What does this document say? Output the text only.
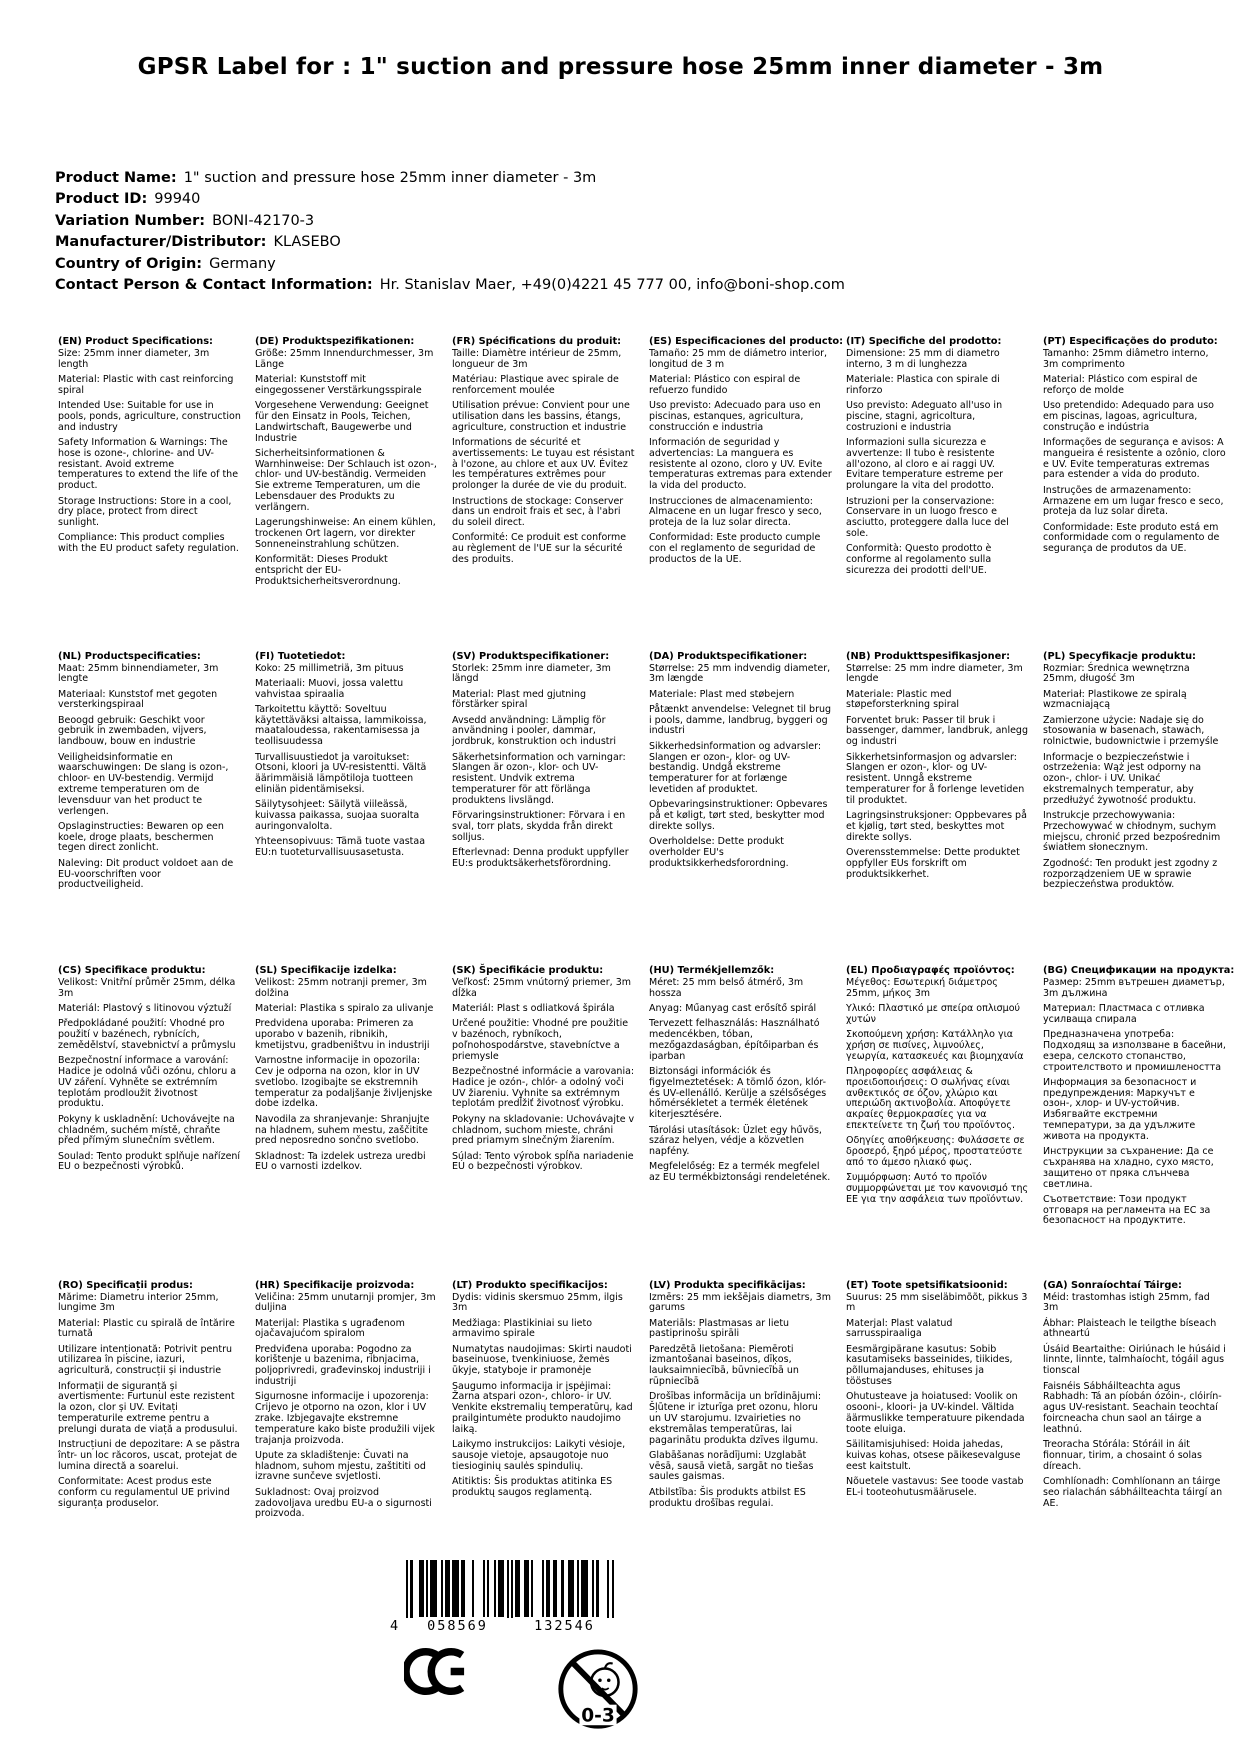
GPSR Label for : 1" suction and pressure hose 25mm inner diameter - 3m
Product Name: 1" suction and pressure hose 25mm inner diameter - 3m
Product ID: 99940
Variation Number: BONI-42170-3
Manufacturer/Distributor: KLASEBO
Country of Origin: Germany
Contact Person & Contact Information: Hr. Stanislav Maer, +49(0)4221 45 777 00, info@boni-shop.com
(EN) Product Specifications:

Size: 25mm inner diameter, 3m length

Material: Plastic with cast reinforcing spiral

Intended Use: Suitable for use in pools, ponds, agriculture, construction and industry

Safety Information & Warnings: The hose is ozone-, chlorine- and UV-resistant. Avoid extreme temperatures to extend the life of the product.

Storage Instructions: Store in a cool, dry place, protect from direct sunlight.

Compliance: This product complies with the EU product safety regulation.

(DE) Produktspezifikationen:

Größe: 25mm Innendurchmesser, 3m Länge

Material: Kunststoff mit eingegossener Verstärkungsspirale

Vorgesehene Verwendung: Geeignet für den Einsatz in Pools, Teichen, Landwirtschaft, Baugewerbe und Industrie

Sicherheitsinformationen & Warnhinweise: Der Schlauch ist ozon-, chlor- und UV-beständig. Vermeiden Sie extreme Temperaturen, um die Lebensdauer des Produkts zu verlängern.

Lagerungshinweise: An einem kühlen, trockenen Ort lagern, vor direkter Sonneneinstrahlung schützen.

Konformität: Dieses Produkt entspricht der EU-Produktsicherheitsverordnung.

(FR) Spécifications du produit:

Taille: Diamètre intérieur de 25mm, longueur de 3m

Matériau: Plastique avec spirale de renforcement moulée

Utilisation prévue: Convient pour une utilisation dans les bassins, étangs, agriculture, construction et industrie

Informations de sécurité et avertissements: Le tuyau est résistant à l'ozone, au chlore et aux UV. Évitez les températures extrêmes pour prolonger la durée de vie du produit.

Instructions de stockage: Conserver dans un endroit frais et sec, à l'abri du soleil direct.

Conformité: Ce produit est conforme au règlement de l'UE sur la sécurité des produits.

(ES) Especificaciones del producto:

Tamaño: 25 mm de diámetro interior, longitud de 3 m

Material: Plástico con espiral de refuerzo fundido

Uso previsto: Adecuado para uso en piscinas, estanques, agricultura, construcción e industria

Información de seguridad y advertencias: La manguera es resistente al ozono, cloro y UV. Evite temperaturas extremas para extender la vida del producto.

Instrucciones de almacenamiento: Almacene en un lugar fresco y seco, proteja de la luz solar directa.

Conformidad: Este producto cumple con el reglamento de seguridad de productos de la UE.

(IT) Specifiche del prodotto:

Dimensione: 25 mm di diametro interno, 3 m di lunghezza

Materiale: Plastica con spirale di rinforzo

Uso previsto: Adeguato all'uso in piscine, stagni, agricoltura, costruzioni e industria

Informazioni sulla sicurezza e avvertenze: Il tubo è resistente all'ozono, al cloro e ai raggi UV. Evitare temperature estreme per prolungare la vita del prodotto.

Istruzioni per la conservazione: Conservare in un luogo fresco e asciutto, proteggere dalla luce del sole.

Conformità: Questo prodotto è conforme al regolamento sulla sicurezza dei prodotti dell'UE.

(PT) Especificações do produto:

Tamanho: 25mm diâmetro interno, 3m comprimento

Material: Plástico com espiral de reforço de molde

Uso pretendido: Adequado para uso em piscinas, lagoas, agricultura, construção e indústria

Informações de segurança e avisos: A mangueira é resistente a ozônio, cloro e UV. Evite temperaturas extremas para estender a vida do produto.

Instruções de armazenamento: Armazene em um lugar fresco e seco, proteja da luz solar direta.

Conformidade: Este produto está em conformidade com o regulamento de segurança de produtos da UE.

(NL) Productspecificaties:

Maat: 25mm binnendiameter, 3m lengte

Materiaal: Kunststof met gegoten versterkingspiraal

Beoogd gebruik: Geschikt voor gebruik in zwembaden, vijvers, landbouw, bouw en industrie

Veiligheidsinformatie en waarschuwingen: De slang is ozon-, chloor- en UV-bestendig. Vermijd extreme temperaturen om de levensduur van het product te verlengen.

Opslaginstructies: Bewaren op een koele, droge plaats, beschermen tegen direct zonlicht.

Naleving: Dit product voldoet aan de EU-voorschriften voor productveiligheid.

(FI) Tuotetiedot:

Koko: 25 millimetriä, 3m pituus

Materiaali: Muovi, jossa valettu vahvistaa spiraalia

Tarkoitettu käyttö: Soveltuu käytettäväksi altaissa, lammikoissa, maataloudessa, rakentamisessa ja teollisuudessa

Turvallisuustiedot ja varoitukset: Otsoni, kloori ja UV-resistentti. Vältä äärimmäisiä lämpötiloja tuotteen eliniän pidentämiseksi.

Säilytysohjeet: Säilytä viileässä, kuivassa paikassa, suojaa suoralta auringonvalolta.

Yhteensopivuus: Tämä tuote vastaa EU:n tuoteturvallisuusasetusta.

(SV) Produktspecifikationer:

Storlek: 25mm inre diameter, 3m längd

Material: Plast med gjutning förstärker spiral

Avsedd användning: Lämplig för användning i pooler, dammar, jordbruk, konstruktion och industri

Säkerhetsinformation och varningar: Slangen är ozon-, klor- och UV-resistent. Undvik extrema temperaturer för att förlänga produktens livslängd.

Förvaringsinstruktioner: Förvara i en sval, torr plats, skydda från direkt solljus.

Efterlevnad: Denna produkt uppfyller EU:s produktsäkerhetsförordning.

(DA) Produktspecifikationer:

Størrelse: 25 mm indvendig diameter, 3m længde

Materiale: Plast med støbejern

Påtænkt anvendelse: Velegnet til brug i pools, damme, landbrug, byggeri og industri

Sikkerhedsinformation og advarsler: Slangen er ozon-, klor- og UV-bestandig. Undgå ekstreme temperaturer for at forlænge levetiden af produktet.

Opbevaringsinstruktioner: Opbevares på et køligt, tørt sted, beskytter mod direkte sollys.

Overholdelse: Dette produkt overholder EU's produktsikkerhedsforordning.

(NB) Produkttspesifikasjoner:

Størrelse: 25 mm indre diameter, 3m lengde

Materiale: Plastic med støpeforsterkning spiral

Forventet bruk: Passer til bruk i bassenger, dammer, landbruk, anlegg og industri

Sikkerhetsinformasjon og advarsler: Slangen er ozon-, klor- og UV-resistent. Unngå ekstreme temperaturer for å forlenge levetiden til produktet.

Lagringsinstruksjoner: Oppbevares på et kjølig, tørt sted, beskyttes mot direkte sollys.

Overensstemmelse: Dette produktet oppfyller EUs forskrift om produktsikkerhet.

(PL) Specyfikacje produktu:

Rozmiar: Średnica wewnętrzna 25mm, długość 3m

Materiał: Plastikowe ze spiralą wzmacniającą

Zamierzone użycie: Nadaje się do stosowania w basenach, stawach, rolnictwie, budownictwie i przemyśle

Informacje o bezpieczeństwie i ostrzeżenia: Wąż jest odporny na ozon-, chlor- i UV. Unikać ekstremalnych temperatur, aby przedłużyć żywotność produktu.

Instrukcje przechowywania: Przechowywać w chłodnym, suchym miejscu, chronić przed bezpośrednim światłem słonecznym.

Zgodność: Ten produkt jest zgodny z rozporządzeniem UE w sprawie bezpieczeństwa produktów.

(CS) Specifikace produktu:

Velikost: Vnitřní průměr 25mm, délka 3m

Materiál: Plastový s litinovou výztuží

Předpokládané použití: Vhodné pro použití v bazénech, rybnících, zemědělství, stavebnictví a průmyslu

Bezpečnostní informace a varování: Hadice je odolná vůči ozónu, chloru a UV záření. Vyhněte se extrémním teplotám prodloužit životnost produktu.

Pokyny k uskladnění: Uchovávejte na chladném, suchém místě, chraňte před přímým slunečním světlem.

Soulad: Tento produkt splňuje nařízení EU o bezpečnosti výrobků.

(SL) Specifikacije izdelka:

Velikost: 25mm notranji premer, 3m dolžina

Material: Plastika s spiralo za ulivanje

Predvidena uporaba: Primeren za uporabo v bazenih, ribnikih, kmetijstvu, gradbeništvu in industriji

Varnostne informacije in opozorila: Cev je odporna na ozon, klor in UV svetlobo. Izogibajte se ekstremnih temperatur za podaljšanje življenjske dobe izdelka.

Navodila za shranjevanje: Shranjujte na hladnem, suhem mestu, zaščitite pred neposredno sončno svetlobo.

Skladnost: Ta izdelek ustreza uredbi EU o varnosti izdelkov.

(SK) Špecifikácie produktu:

Veľkosť: 25mm vnútorný priemer, 3m dĺžka

Materiál: Plast s odliatková špirála

Určené použitie: Vhodné pre použitie v bazénoch, rybníkoch, poľnohospodárstve, stavebníctve a priemysle

Bezpečnostné informácie a varovania: Hadice je ozón-, chlór- a odolný voči UV žiareniu. Vyhnite sa extrémnym teplotám predĺžiť životnosť výrobku.

Pokyny na skladovanie: Uchovávajte v chladnom, suchom mieste, chráni pred priamym slnečným žiarením.

Súlad: Tento výrobok spĺňa nariadenie EÚ o bezpečnosti výrobkov.

(HU) Termékjellemzők:

Méret: 25 mm belső átmérő, 3m hossza

Anyag: Műanyag cast erősítő spirál

Tervezett felhasználás: Használható medencékben, tóban, mezőgazdaságban, építőiparban és iparban

Biztonsági információk és figyelmeztetések: A tömlő ózon, klór- és UV-ellenálló. Kerülje a szélsőséges hőmérsékletet a termék életének kiterjesztésére.

Tárolási utasítások: Üzlet egy hűvös, száraz helyen, védje a közvetlen napfény.

Megfelelőség: Ez a termék megfelel az EU termékbiztonsági rendeletének.

(EL) Προδιαγραφές προϊόντος:

Μέγεθος: Εσωτερική διάμετρος 25mm, μήκος 3m

Υλικό: Πλαστικό με σπείρα οπλισμού χυτών

Σκοπούμενη χρήση: Κατάλληλο για χρήση σε πισίνες, λιμνούλες, γεωργία, κατασκευές και βιομηχανία

Πληροφορίες ασφάλειας & προειδοποιήσεις: Ο σωλήνας είναι ανθεκτικός σε όζον, χλώριο και υπεριώδη ακτινοβολία. Αποφύγετε ακραίες θερμοκρασίες για να επεκτείνετε τη ζωή του προϊόντος.

Οδηγίες αποθήκευσης: Φυλάσσετε σε δροσερό, ξηρό μέρος, προστατεύστε από το άμεσο ηλιακό φως.

Συμμόρφωση: Αυτό το προϊόν συμμορφώνεται με τον κανονισμό της ΕΕ για την ασφάλεια των προϊόντων.

(BG) Спецификации на продукта:

Размер: 25mm вътрешен диаметър, 3m дължина

Материал: Пластмаса с отливка усилваща спирала

Предназначена употреба: Подходящ за използване в басейни, езера, селското стопанство, строителството и промишлеността

Информация за безопасност и предупреждения: Маркучът е озон-, хлор- и UV-устойчив. Избягвайте екстремни температури, за да удължите живота на продукта.

Инструкции за съхранение: Да се съхранява на хладно, сухо място, защитено от пряка слънчева светлина.

Съответствие: Този продукт отговаря на регламента на ЕС за безопасност на продуктите.

(RO) Specificații produs:

Mărime: Diametru interior 25mm, lungime 3m

Material: Plastic cu spirală de întărire turnată

Utilizare intenționată: Potrivit pentru utilizarea în piscine, iazuri, agricultură, construcții și industrie

Informații de siguranță și avertismente: Furtunul este rezistent la ozon, clor și UV. Evitați temperaturile extreme pentru a prelungi durata de viață a produsului.

Instrucțiuni de depozitare: A se păstra într- un loc răcoros, uscat, protejat de lumina directă a soarelui.

Conformitate: Acest produs este conform cu regulamentul UE privind siguranța produselor.

(HR) Specifikacije proizvoda:

Veličina: 25mm unutarnji promjer, 3m duljina

Materijal: Plastika s ugrađenom ojačavajućom spiralom

Predviđena uporaba: Pogodno za korištenje u bazenima, ribnjacima, poljoprivredi, građevinskoj industriji i industriji

Sigurnosne informacije i upozorenja: Crijevo je otporno na ozon, klor i UV zrake. Izbjegavajte ekstremne temperature kako biste produžili vijek trajanja proizvoda.

Upute za skladištenje: Čuvati na hladnom, suhom mjestu, zaštititi od izravne sunčeve svjetlosti.

Sukladnost: Ovaj proizvod zadovoljava uredbu EU-a o sigurnosti proizvoda.

(LT) Produkto specifikacijos:

Dydis: vidinis skersmuo 25mm, ilgis 3m

Medžiaga: Plastikiniai su lieto armavimo spirale

Numatytas naudojimas: Skirti naudoti baseinuose, tvenkiniuose, žemės ūkyje, statyboje ir pramonėje

Saugumo informacija ir įspėjimai: Žarna atspari ozon-, chloro- ir UV. Venkite ekstremalių temperatūrų, kad prailgintumėte produkto naudojimo laiką.

Laikymo instrukcijos: Laikyti vėsioje, sausoje vietoje, apsaugotoje nuo tiesioginių saulės spindulių.

Atitiktis: Šis produktas atitinka ES produktų saugos reglamentą.

(LV) Produkta specifikācijas:

Izmērs: 25 mm iekšējais diametrs, 3m garums

Materiāls: Plastmasas ar lietu pastiprinošu spirāli

Paredzētā lietošana: Piemēroti izmantošanai baseinos, dīķos, lauksaimniecībā, būvniecībā un rūpniecībā

Drošības informācija un brīdinājumi: Šļūtene ir izturīga pret ozonu, hloru un UV starojumu. Izvairieties no ekstremālas temperatūras, lai pagarinātu produkta dzīves ilgumu.

Glabāšanas norādījumi: Uzglabāt vēsā, sausā vietā, sargāt no tiešas saules gaismas.

Atbilstība: Šis produkts atbilst ES produktu drošības regulai.

(ET) Toote spetsifikatsioonid:

Suurus: 25 mm siseläbimõõt, pikkus 3 m

Materjal: Plast valatud sarrusspiraaliga

Eesmärgipärane kasutus: Sobib kasutamiseks basseinides, tiikides, põllumajanduses, ehituses ja tööstuses

Ohutusteave ja hoiatused: Voolik on osooni-, kloori- ja UV-kindel. Vältida äärmuslikke temperatuure pikendada toote eluiga.

Säilitamisjuhised: Hoida jahedas, kuivas kohas, otsese päikesevalguse eest kaitstult.

Nõuetele vastavus: See toode vastab EL-i tooteohutusmäärusele.

(GA) Sonraíochtaí Táirge:

Méid: trastomhas istigh 25mm, fad 3m

Ábhar: Plaisteach le teilgthe bíseach athneartú

Úsáid Beartaithe: Oiriúnach le húsáid i linnte, linnte, talmhaíocht, tógáil agus tionscal

Faisnéis Sábháilteachta agus Rabhadh: Tá an píobán ózóin-, clóirín- agus UV-resistant. Seachain teochtaí foircneacha chun saol an táirge a leathnú.

Treoracha Stórála: Stóráil in áit fionnuar, tirim, a chosaint ó solas díreach.

Comhlíonadh: Comhlíonann an táirge seo rialachán sábháilteachta táirgí an AE.

4	058569	132546
0-3
